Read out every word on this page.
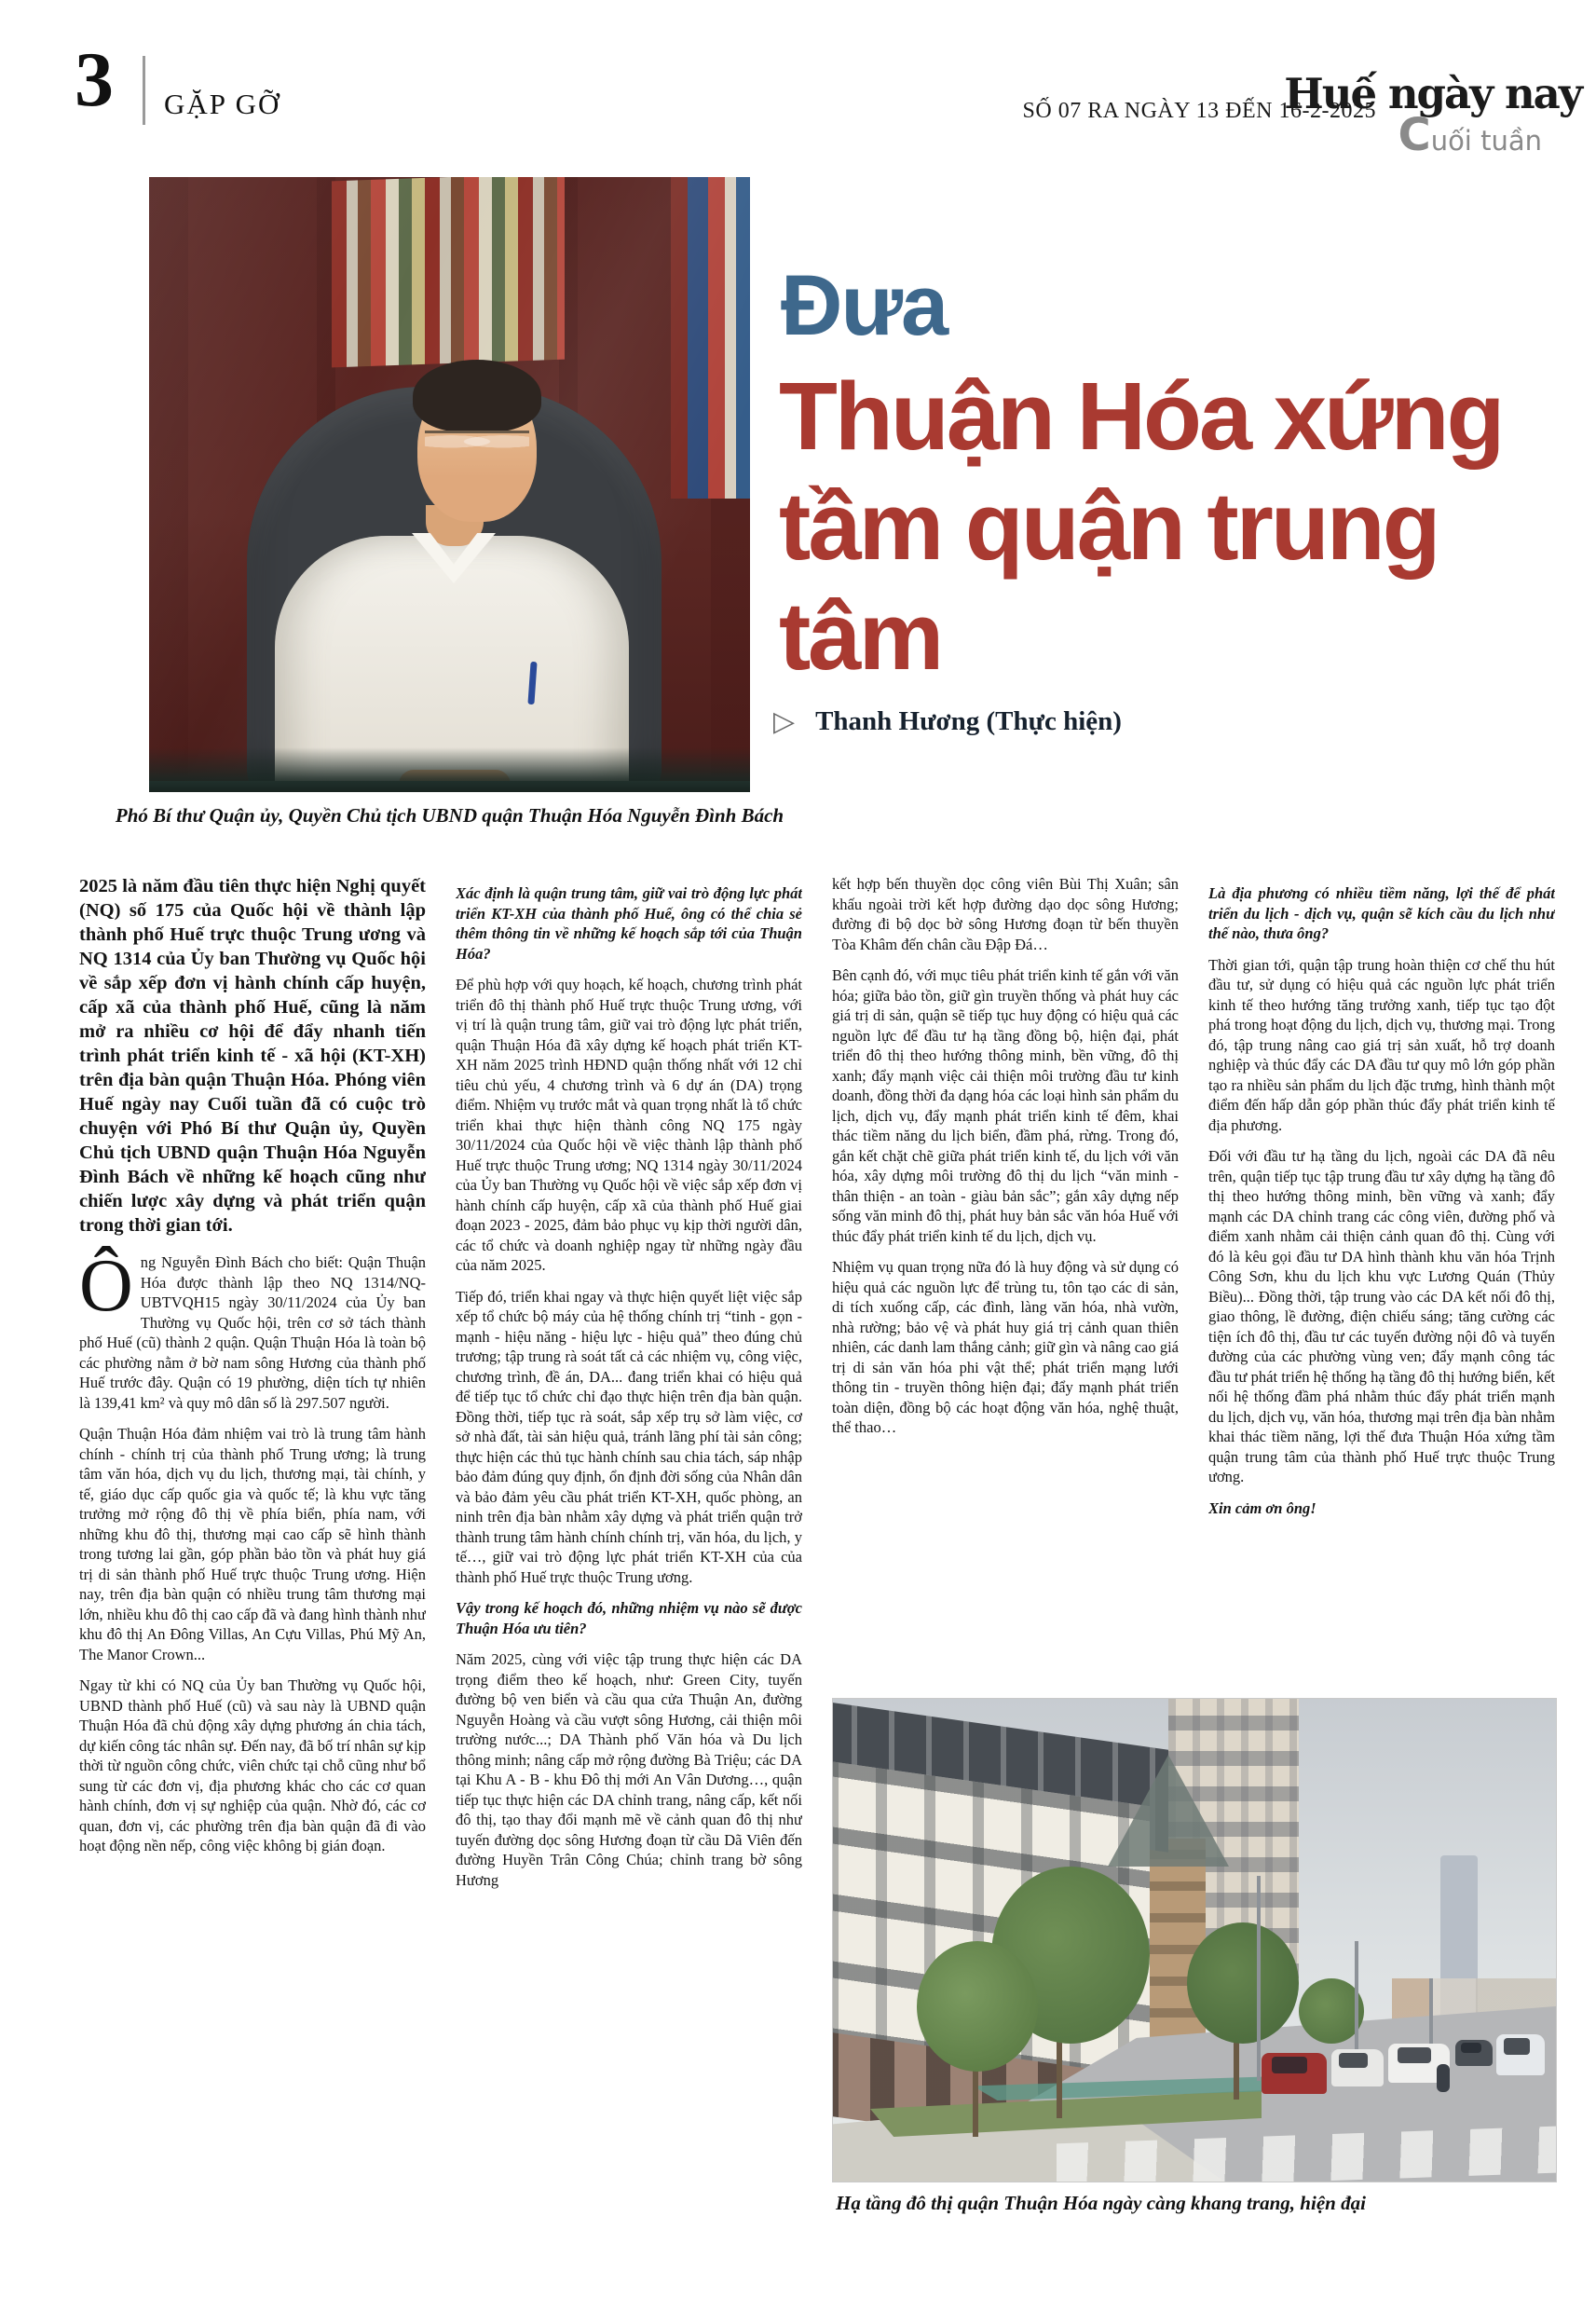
3 GẶP GỠ	SỐ 07 RA NGÀY 13 ĐẾN 16-2-2025
Huế ngày nay
Cuối tuần
Phó Bí thư Quận ủy, Quyền Chủ tịch UBND quận Thuận Hóa Nguyễn Đình Bách
Đưa
Thuận Hóa xứng tầm quận trung tâm
▷ Thanh Hương (Thực hiện)

2025 là năm đầu tiên thực hiện Nghị quyết (NQ) số 175 của Quốc hội về thành lập thành phố Huế trực thuộc Trung ương và NQ 1314 của Ủy ban Thường vụ Quốc hội về sắp xếp đơn vị hành chính cấp huyện, cấp xã của thành phố Huế, cũng là năm mở ra nhiều cơ hội để đẩy nhanh tiến trình phát triển kinh tế - xã hội (KT-XH) trên địa bàn quận Thuận Hóa. Phóng viên Huế ngày nay Cuối tuần đã có cuộc trò chuyện với Phó Bí thư Quận ủy, Quyền Chủ tịch UBND quận Thuận Hóa Nguyễn Đình Bách về những kế hoạch cũng như chiến lược xây dựng và phát triển quận trong thời gian tới.

Ông Nguyễn Đình Bách cho biết: Quận Thuận Hóa được thành lập theo NQ 1314/NQ-UBTVQH15 ngày 30/11/2024 của Ủy ban Thường vụ Quốc hội, trên cơ sở tách thành phố Huế (cũ) thành 2 quận. Quận Thuận Hóa là toàn bộ các phường nằm ở bờ nam sông Hương của thành phố Huế trước đây. Quận có 19 phường, diện tích tự nhiên là 139,41 km² và quy mô dân số là 297.507 người.

Quận Thuận Hóa đảm nhiệm vai trò là trung tâm hành chính - chính trị của thành phố Trung ương; là trung tâm văn hóa, dịch vụ du lịch, thương mại, tài chính, y tế, giáo dục cấp quốc gia và quốc tế; là khu vực tăng trưởng mở rộng đô thị về phía biển, phía nam, với những khu đô thị, thương mại cao cấp sẽ hình thành trong tương lai gần, góp phần bảo tồn và phát huy giá trị di sản thành phố Huế trực thuộc Trung ương. Hiện nay, trên địa bàn quận có nhiều trung tâm thương mại lớn, nhiều khu đô thị cao cấp đã và đang hình thành như khu đô thị An Đông Villas, An Cựu Villas, Phú Mỹ An, The Manor Crown...

Ngay từ khi có NQ của Ủy ban Thường vụ Quốc hội, UBND thành phố Huế (cũ) và sau này là UBND quận Thuận Hóa đã chủ động xây dựng phương án chia tách, dự kiến công tác nhân sự. Đến nay, đã bố trí nhân sự kịp thời từ nguồn công chức, viên chức tại chỗ cũng như bổ sung từ các đơn vị, địa phương khác cho các cơ quan hành chính, đơn vị sự nghiệp của quận. Nhờ đó, các cơ quan, đơn vị, các phường trên địa bàn quận đã đi vào hoạt động nền nếp, công việc không bị gián đoạn.

Xác định là quận trung tâm, giữ vai trò động lực phát triển KT-XH của thành phố Huế, ông có thể chia sẻ thêm thông tin về những kế hoạch sắp tới của Thuận Hóa?

Để phù hợp với quy hoạch, kế hoạch, chương trình phát triển đô thị thành phố Huế trực thuộc Trung ương, với vị trí là quận trung tâm, giữ vai trò động lực phát triển, quận Thuận Hóa đã xây dựng kế hoạch phát triển KT-XH năm 2025 trình HĐND quận thống nhất với 12 chỉ tiêu chủ yếu, 4 chương trình và 6 dự án (DA) trọng điểm. Nhiệm vụ trước mắt và quan trọng nhất là tổ chức triển khai thực hiện thành công NQ 175 ngày 30/11/2024 của Quốc hội về việc thành lập thành phố Huế trực thuộc Trung ương; NQ 1314 ngày 30/11/2024 của Ủy ban Thường vụ Quốc hội về việc sắp xếp đơn vị hành chính cấp huyện, cấp xã của thành phố Huế giai đoạn 2023 - 2025, đảm bảo phục vụ kịp thời người dân, các tổ chức và doanh nghiệp ngay từ những ngày đầu của năm 2025.

Tiếp đó, triển khai ngay và thực hiện quyết liệt việc sắp xếp tổ chức bộ máy của hệ thống chính trị “tinh - gọn - mạnh - hiệu năng - hiệu lực - hiệu quả” theo đúng chủ trương; tập trung rà soát tất cả các nhiệm vụ, công việc, chương trình, đề án, DA... đang triển khai có hiệu quả để tiếp tục tổ chức chỉ đạo thực hiện trên địa bàn quận. Đồng thời, tiếp tục rà soát, sắp xếp trụ sở làm việc, cơ sở nhà đất, tài sản hiệu quả, tránh lãng phí tài sản công; thực hiện các thủ tục hành chính sau chia tách, sáp nhập bảo đảm đúng quy định, ổn định đời sống của Nhân dân và bảo đảm yêu cầu phát triển KT-XH, quốc phòng, an ninh trên địa bàn nhằm xây dựng và phát triển quận trở thành trung tâm hành chính chính trị, văn hóa, du lịch, y tế…, giữ vai trò động lực phát triển KT-XH của của thành phố Huế trực thuộc Trung ương.

Vậy trong kế hoạch đó, những nhiệm vụ nào sẽ được Thuận Hóa ưu tiên?

Năm 2025, cùng với việc tập trung thực hiện các DA trọng điểm theo kế hoạch, như: Green City, tuyến đường bộ ven biển và cầu qua cửa Thuận An, đường Nguyễn Hoàng và cầu vượt sông Hương, cải thiện môi trường nước...; DA Thành phố Văn hóa và Du lịch thông minh; nâng cấp mở rộng đường Bà Triệu; các DA tại Khu A - B - khu Đô thị mới An Vân Dương…, quận tiếp tục thực hiện các DA chỉnh trang, nâng cấp, kết nối đô thị, tạo thay đổi mạnh mẽ về cảnh quan đô thị như tuyến đường dọc sông Hương đoạn từ cầu Dã Viên đến đường Huyền Trân Công Chúa; chỉnh trang bờ sông Hương

kết hợp bến thuyền dọc công viên Bùi Thị Xuân; sân khấu ngoài trời kết hợp đường dạo dọc sông Hương; đường đi bộ dọc bờ sông Hương đoạn từ bến thuyền Tòa Khâm đến chân cầu Đập Đá…

Bên cạnh đó, với mục tiêu phát triển kinh tế gắn với văn hóa; giữa bảo tồn, giữ gìn truyền thống và phát huy các giá trị di sản, quận sẽ tiếp tục huy động có hiệu quả các nguồn lực để đầu tư hạ tầng đồng bộ, hiện đại, phát triển đô thị theo hướng thông minh, bền vững, đô thị xanh; đẩy mạnh việc cải thiện môi trường đầu tư kinh doanh, đồng thời đa dạng hóa các loại hình sản phẩm du lịch, dịch vụ, đẩy mạnh phát triển kinh tế đêm, khai thác tiềm năng du lịch biển, đầm phá, rừng. Trong đó, gắn kết chặt chẽ giữa phát triển kinh tế, du lịch với văn hóa, xây dựng môi trường đô thị du lịch “văn minh - thân thiện - an toàn - giàu bản sắc”; gắn xây dựng nếp sống văn minh đô thị, phát huy bản sắc văn hóa Huế với thúc đẩy phát triển kinh tế du lịch, dịch vụ.

Nhiệm vụ quan trọng nữa đó là huy động và sử dụng có hiệu quả các nguồn lực để trùng tu, tôn tạo các di sản, di tích xuống cấp, các đình, làng văn hóa, nhà vườn, nhà rường; bảo vệ và phát huy giá trị cảnh quan thiên nhiên, các danh lam thắng cảnh; giữ gìn và nâng cao giá trị di sản văn hóa phi vật thể; phát triển mạng lưới thông tin - truyền thông hiện đại; đẩy mạnh phát triển toàn diện, đồng bộ các hoạt động văn hóa, nghệ thuật, thể thao…

Là địa phương có nhiều tiềm năng, lợi thế để phát triển du lịch - dịch vụ, quận sẽ kích cầu du lịch như thế nào, thưa ông?

Thời gian tới, quận tập trung hoàn thiện cơ chế thu hút đầu tư, sử dụng có hiệu quả các nguồn lực phát triển kinh tế theo hướng tăng trưởng xanh, tiếp tục tạo đột phá trong hoạt động du lịch, dịch vụ, thương mại. Trong đó, tập trung nâng cao giá trị sản xuất, hỗ trợ doanh nghiệp và thúc đẩy các DA đầu tư quy mô lớn góp phần tạo ra nhiều sản phẩm du lịch đặc trưng, hình thành một điểm đến hấp dẫn góp phần thúc đẩy phát triển kinh tế địa phương.

Đối với đầu tư hạ tầng du lịch, ngoài các DA đã nêu trên, quận tiếp tục tập trung đầu tư xây dựng hạ tầng đô thị theo hướng thông minh, bền vững và xanh; đẩy mạnh các DA chỉnh trang các công viên, đường phố và điểm xanh nhằm cải thiện cảnh quan đô thị. Cùng với đó là kêu gọi đầu tư DA hình thành khu văn hóa Trịnh Công Sơn, khu du lịch khu vực Lương Quán (Thủy Biều)... Đồng thời, tập trung vào các DA kết nối đô thị, giao thông, lề đường, điện chiếu sáng; tăng cường các tiện ích đô thị, đầu tư các tuyến đường nội đô và tuyến đường của các phường vùng ven; đẩy mạnh công tác đầu tư phát triển hệ thống hạ tầng đô thị hướng biển, kết nối hệ thống đầm phá nhằm thúc đẩy phát triển mạnh du lịch, dịch vụ, văn hóa, thương mại trên địa bàn nhằm khai thác tiềm năng, lợi thế đưa Thuận Hóa xứng tầm quận trung tâm của thành phố Huế trực thuộc Trung ương.

Xin cảm ơn ông!

Hạ tầng đô thị quận Thuận Hóa ngày càng khang trang, hiện đại
